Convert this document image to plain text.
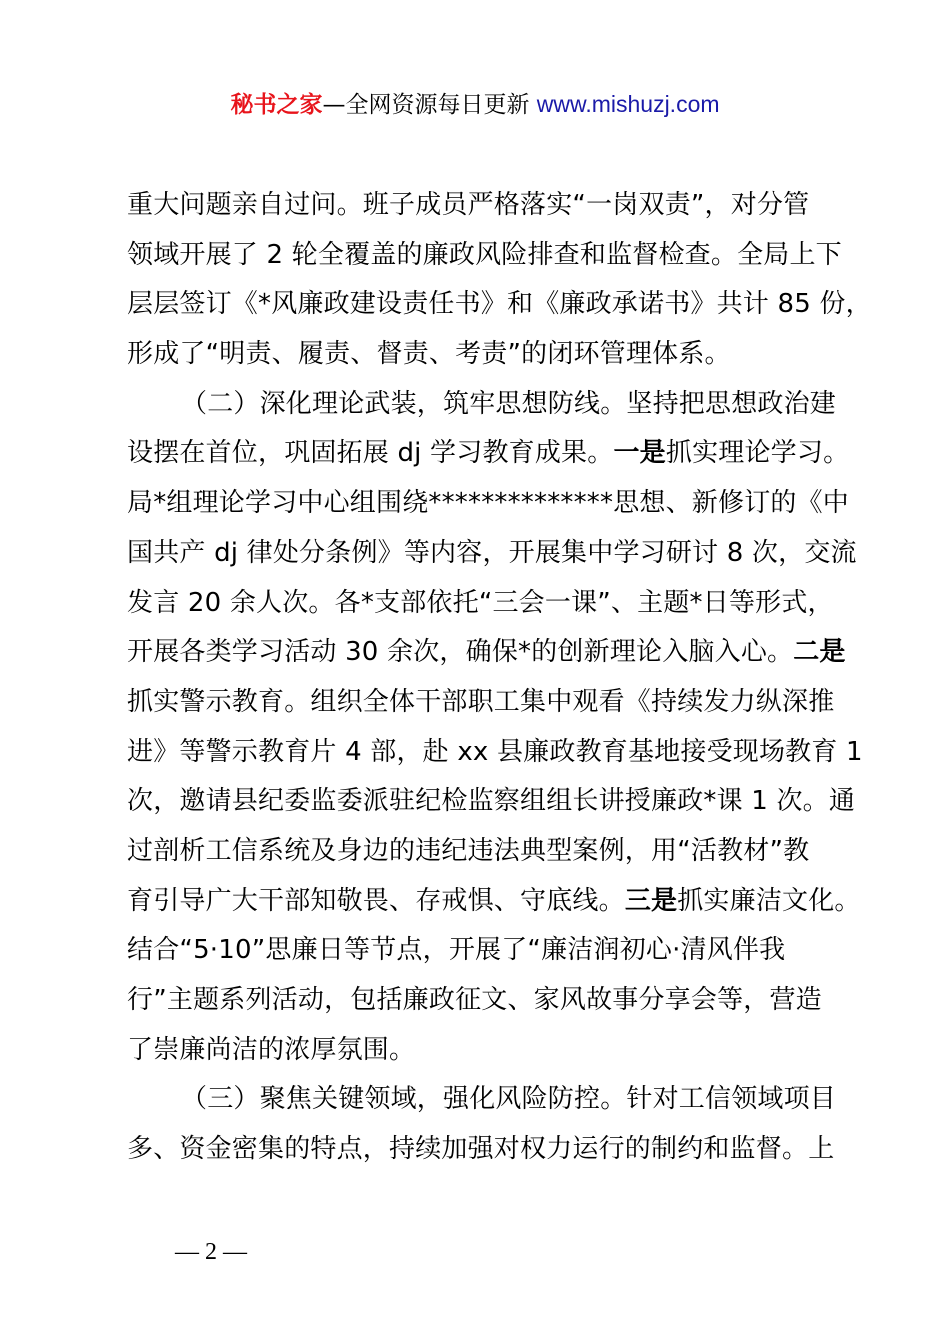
秘书之家—全网资源每日更新 www.mishuzj.com
重大问题亲自过问。班子成员严格落实“一岗双责”，对分管
领域开展了 2 轮全覆盖的廉政风险排查和监督检查。全局上下
层层签订《*风廉政建设责任书》和《廉政承诺书》共计 85 份，
形成了“明责、履责、督责、考责”的闭环管理体系。
（二）深化理论武装，筑牢思想防线。坚持把思想政治建
设摆在首位，巩固拓展 dj 学习教育成果。一是抓实理论学习。
局*组理论学习中心组围绕**************思想、新修订的《中
国共产 dj 律处分条例》等内容，开展集中学习研讨 8 次，交流
发言 20 余人次。各*支部依托“三会一课”、主题*日等形式，
开展各类学习活动 30 余次，确保*的创新理论入脑入心。二是
抓实警示教育。组织全体干部职工集中观看《持续发力纵深推
进》等警示教育片 4 部，赴 xx 县廉政教育基地接受现场教育 1
次，邀请县纪委监委派驻纪检监察组组长讲授廉政*课 1 次。通
过剖析工信系统及身边的违纪违法典型案例，用“活教材”教
育引导广大干部知敬畏、存戒惧、守底线。三是抓实廉洁文化。
结合“5·10”思廉日等节点，开展了“廉洁润初心·清风伴我
行”主题系列活动，包括廉政征文、家风故事分享会等，营造
了崇廉尚洁的浓厚氛围。
（三）聚焦关键领域，强化风险防控。针对工信领域项目
多、资金密集的特点，持续加强对权力运行的制约和监督。上
— 2 —
